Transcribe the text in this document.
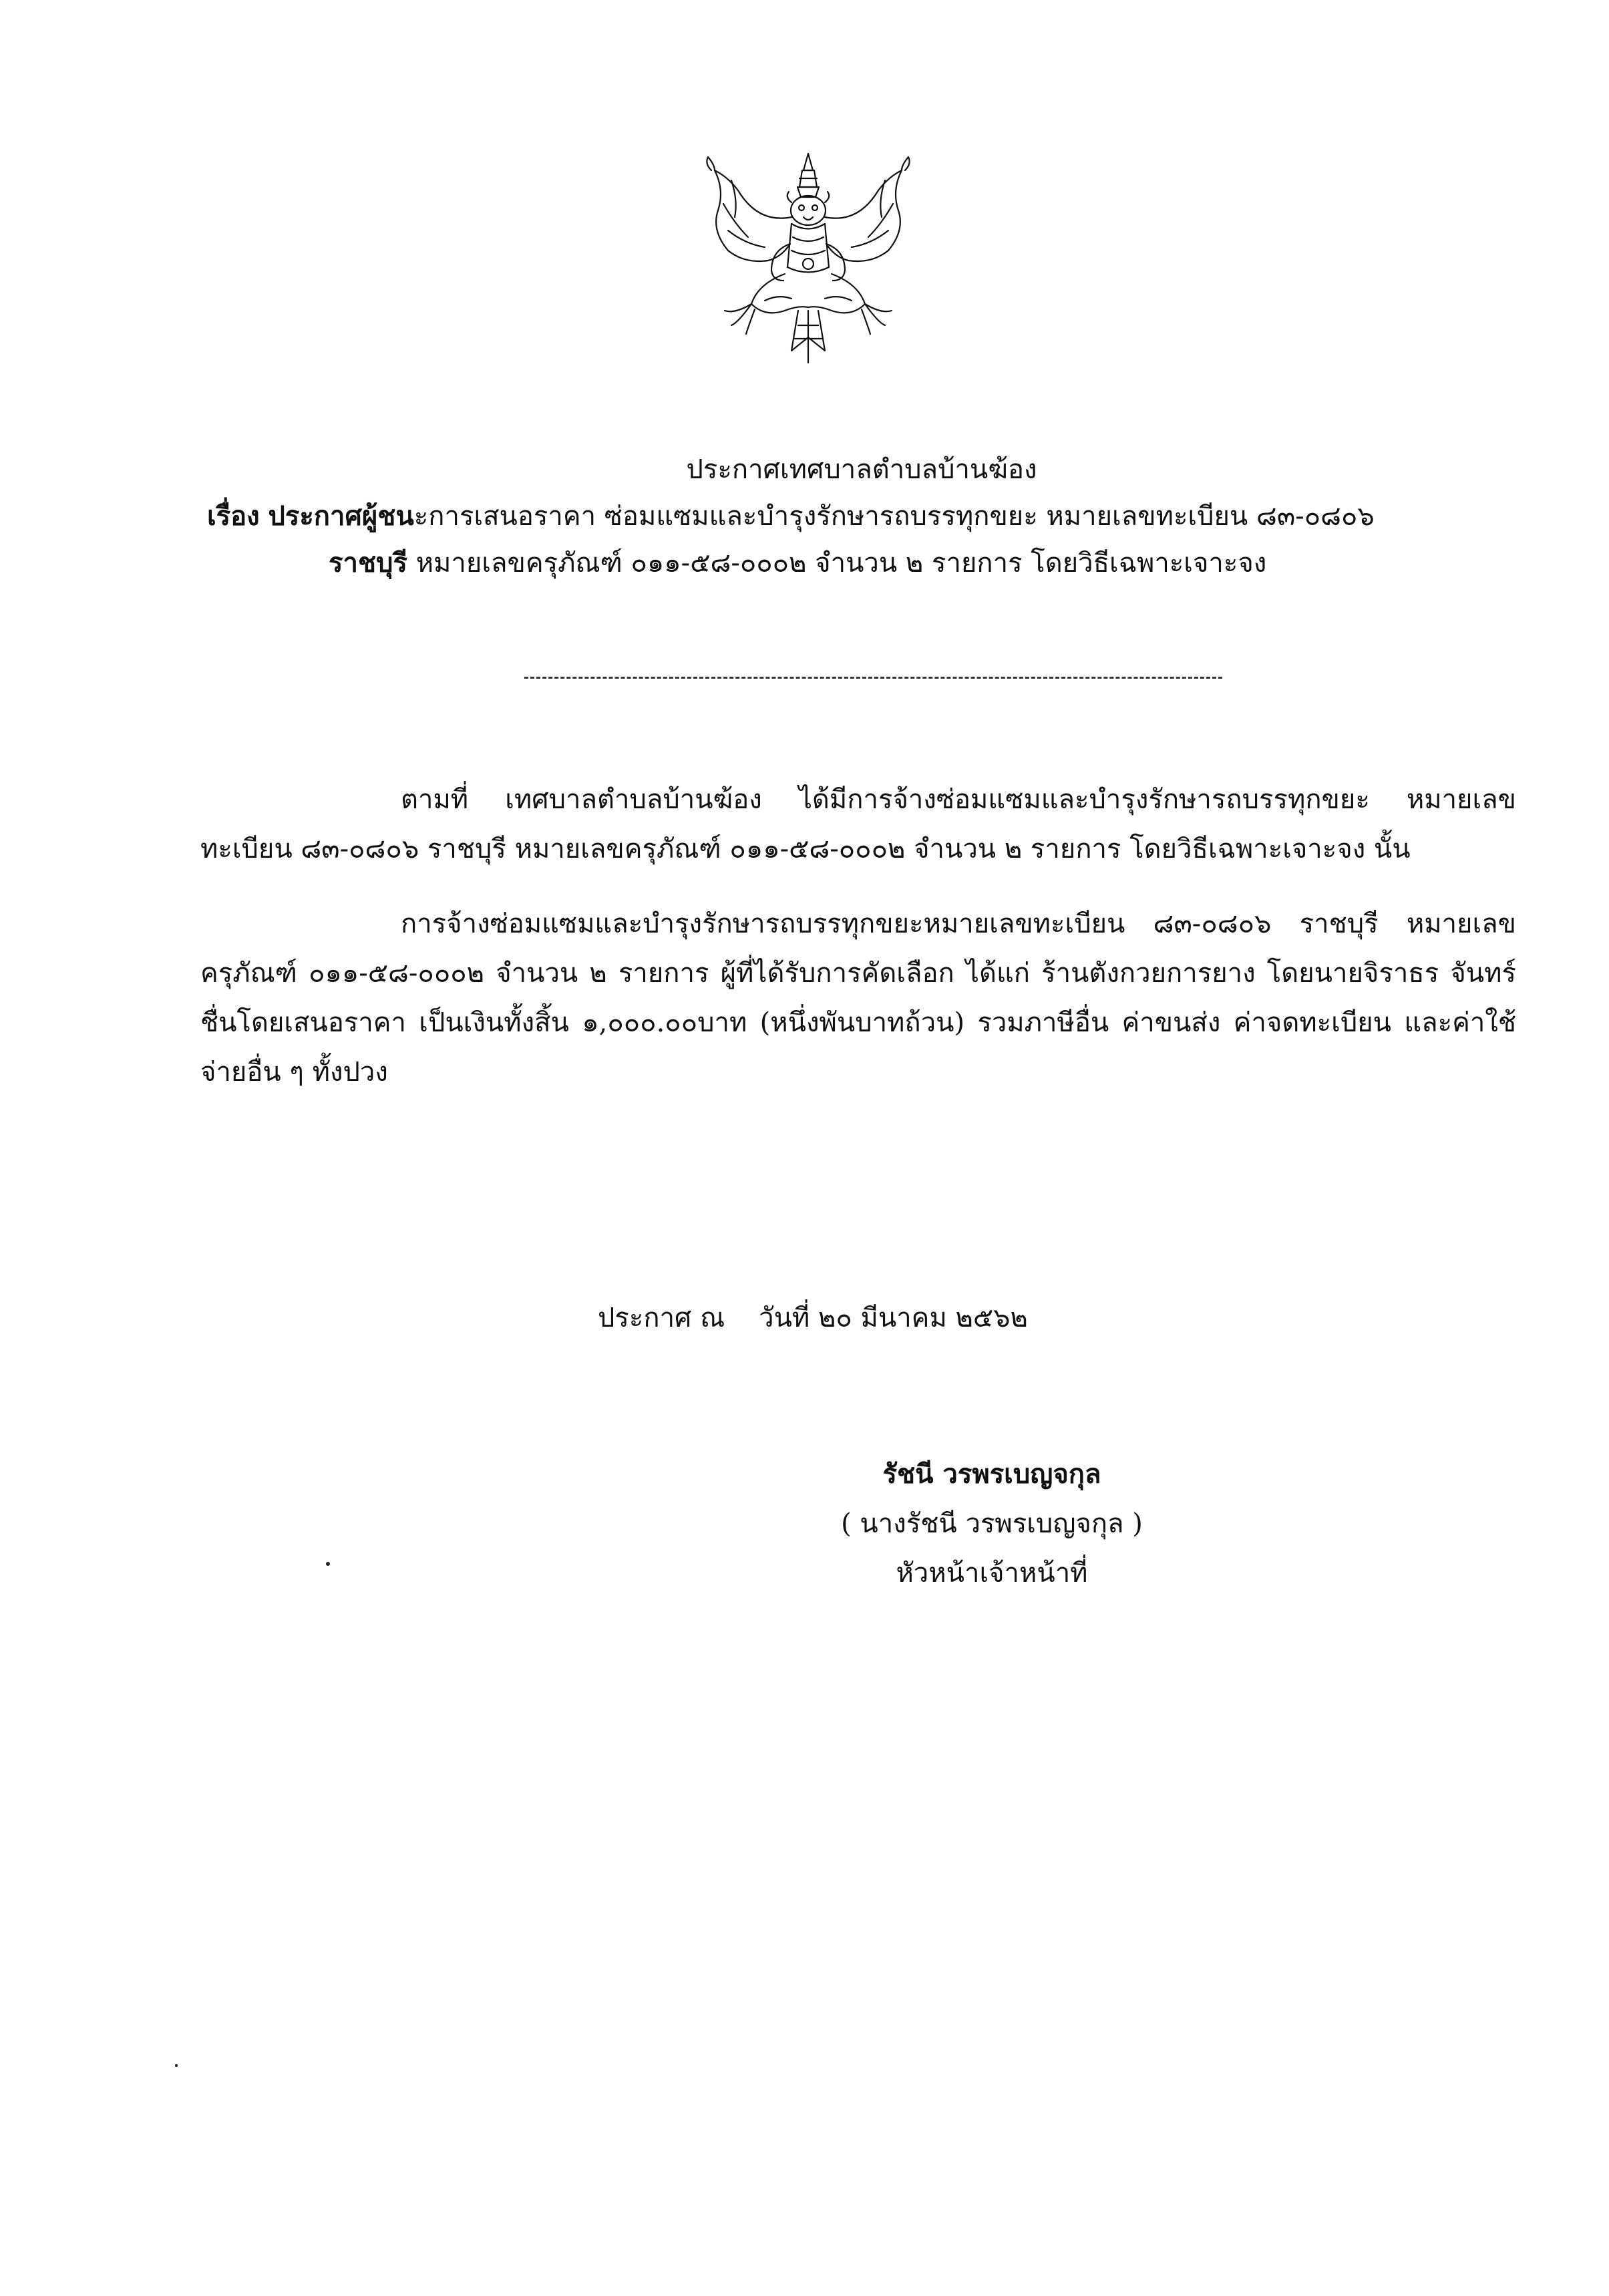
ประกาศเทศบาลตำบลบ้านฆ้อง
เรื่อง ประกาศผู้ชนะการเสนอราคา ซ่อมแซมและบำรุงรักษารถบรรทุกขยะ หมายเลขทะเบียน ๘๓-๐๘๐๖
ราชบุรี หมายเลขครุภัณฑ์ ๐๑๑-๕๘-๐๐๐๒ จำนวน ๒ รายการ โดยวิธีเฉพาะเจาะจง

ตามที่ เทศบาลตำบลบ้านฆ้อง ได้มีการจ้างซ่อมแซมและบำรุงรักษารถบรรทุกขยะ หมายเลขทะเบียน ๘๓-๐๘๐๖ ราชบุรี หมายเลขครุภัณฑ์ ๐๑๑-๕๘-๐๐๐๒ จำนวน ๒ รายการ โดยวิธีเฉพาะเจาะจง นั้น

การจ้างซ่อมแซมและบำรุงรักษารถบรรทุกขยะหมายเลขทะเบียน ๘๓-๐๘๐๖ ราชบุรี หมายเลขครุภัณฑ์ ๐๑๑-๕๘-๐๐๐๒ จำนวน ๒ รายการ ผู้ที่ได้รับการคัดเลือก ได้แก่ ร้านตังกวยการยาง โดยนายจิราธร จันทร์ชื่นโดยเสนอราคา เป็นเงินทั้งสิ้น ๑,๐๐๐.๐๐บาท (หนึ่งพันบาทถ้วน) รวมภาษีอื่น ค่าขนส่ง ค่าจดทะเบียน และค่าใช้จ่ายอื่น ๆ ทั้งปวง

ประกาศ ณ วันที่ ๒๐ มีนาคม ๒๕๖๒
รัชนี วรพรเบญจกุล
( นางรัชนี วรพรเบญจกุล )
หัวหน้าเจ้าหน้าที่
